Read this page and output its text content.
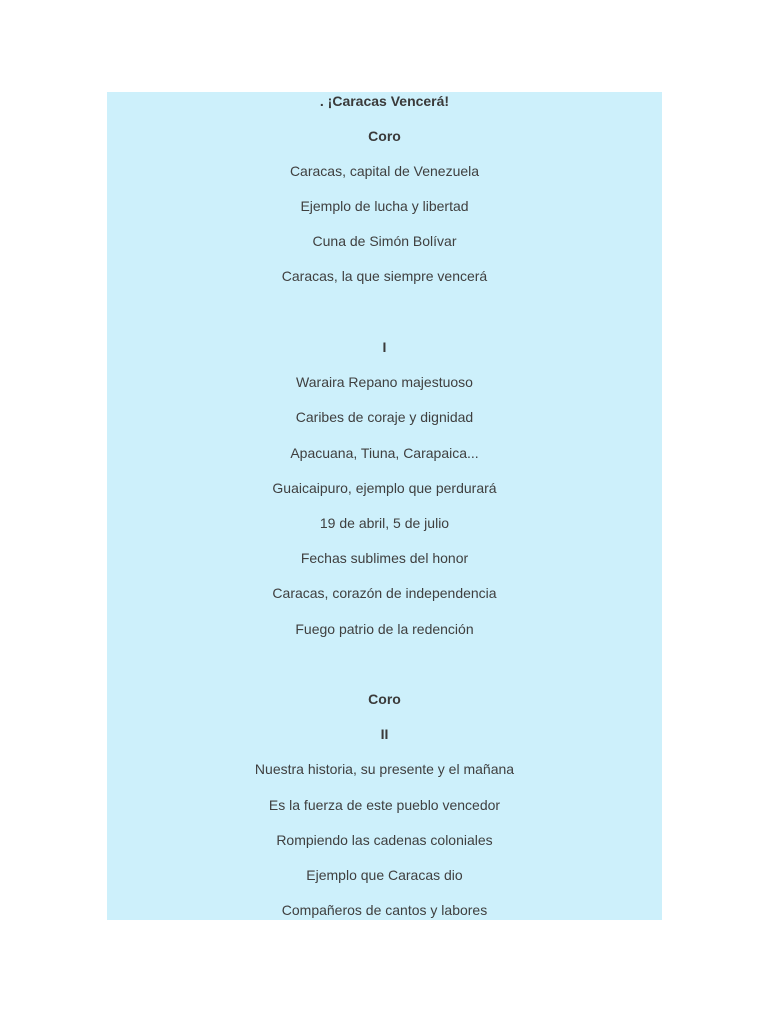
. ¡Caracas Vencerá!
Coro
Caracas, capital de Venezuela
Ejemplo de lucha y libertad
Cuna de Simón Bolívar
Caracas, la que siempre vencerá
I
Waraira Repano majestuoso
Caribes de coraje y dignidad
Apacuana, Tiuna, Carapaica...
Guaicaipuro, ejemplo que perdurará
19 de abril, 5 de julio
Fechas sublimes del honor
Caracas, corazón de independencia
Fuego patrio de la redención
Coro
II
Nuestra historia, su presente y el mañana
Es la fuerza de este pueblo vencedor
Rompiendo las cadenas coloniales
Ejemplo que Caracas dio
Compañeros de cantos y labores
